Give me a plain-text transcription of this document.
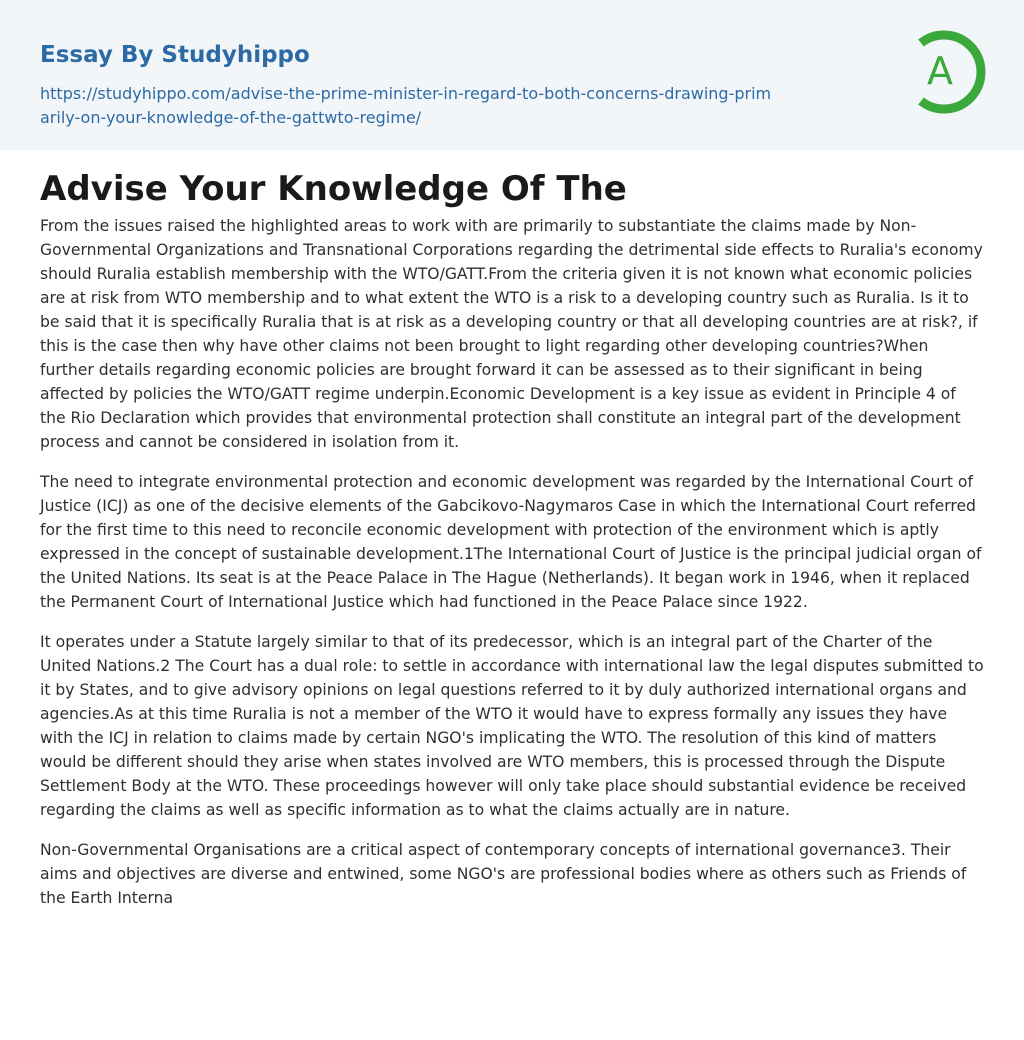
Essay By Studyhippo
https://studyhippo.com/advise-the-prime-minister-in-regard-to-both-concerns-drawing-primarily-on-your-knowledge-of-the-gattwto-regime/
A
Advise Your Knowledge Of The

From the issues raised the highlighted areas to work with are primarily to substantiate the claims made by Non-Governmental Organizations and Transnational Corporations regarding the detrimental side effects to Ruralia's economy should Ruralia establish membership with the WTO/GATT.From the criteria given it is not known what economic policies are at risk from WTO membership and to what extent the WTO is a risk to a developing country such as Ruralia. Is it to be said that it is specifically Ruralia that is at risk as a developing country or that all developing countries are at risk?, if this is the case then why have other claims not been brought to light regarding other developing countries?When further details regarding economic policies are brought forward it can be assessed as to their significant in being affected by policies the WTO/GATT regime underpin.Economic Development is a key issue as evident in Principle 4 of the Rio Declaration which provides that environmental protection shall constitute an integral part of the development process and cannot be considered in isolation from it.

The need to integrate environmental protection and economic development was regarded by the International Court of Justice (ICJ) as one of the decisive elements of the Gabcikovo-Nagymaros Case in which the International Court referred for the first time to this need to reconcile economic development with protection of the environment which is aptly expressed in the concept of sustainable development.1The International Court of Justice is the principal judicial organ of the United Nations. Its seat is at the Peace Palace in The Hague (Netherlands). It began work in 1946, when it replaced the Permanent Court of International Justice which had functioned in the Peace Palace since 1922.

It operates under a Statute largely similar to that of its predecessor, which is an integral part of the Charter of the United Nations.2 The Court has a dual role: to settle in accordance with international law the legal disputes submitted to it by States, and to give advisory opinions on legal questions referred to it by duly authorized international organs and agencies.As at this time Ruralia is not a member of the WTO it would have to express formally any issues they have with the ICJ in relation to claims made by certain NGO's implicating the WTO. The resolution of this kind of matters would be different should they arise when states involved are WTO members, this is processed through the Dispute Settlement Body at the WTO. These proceedings however will only take place should substantial evidence be received regarding the claims as well as specific information as to what the claims actually are in nature.

Non-Governmental Organisations are a critical aspect of contemporary concepts of international governance3. Their aims and objectives are diverse and entwined, some NGO's are professional bodies where as others such as Friends of the Earth Interna
